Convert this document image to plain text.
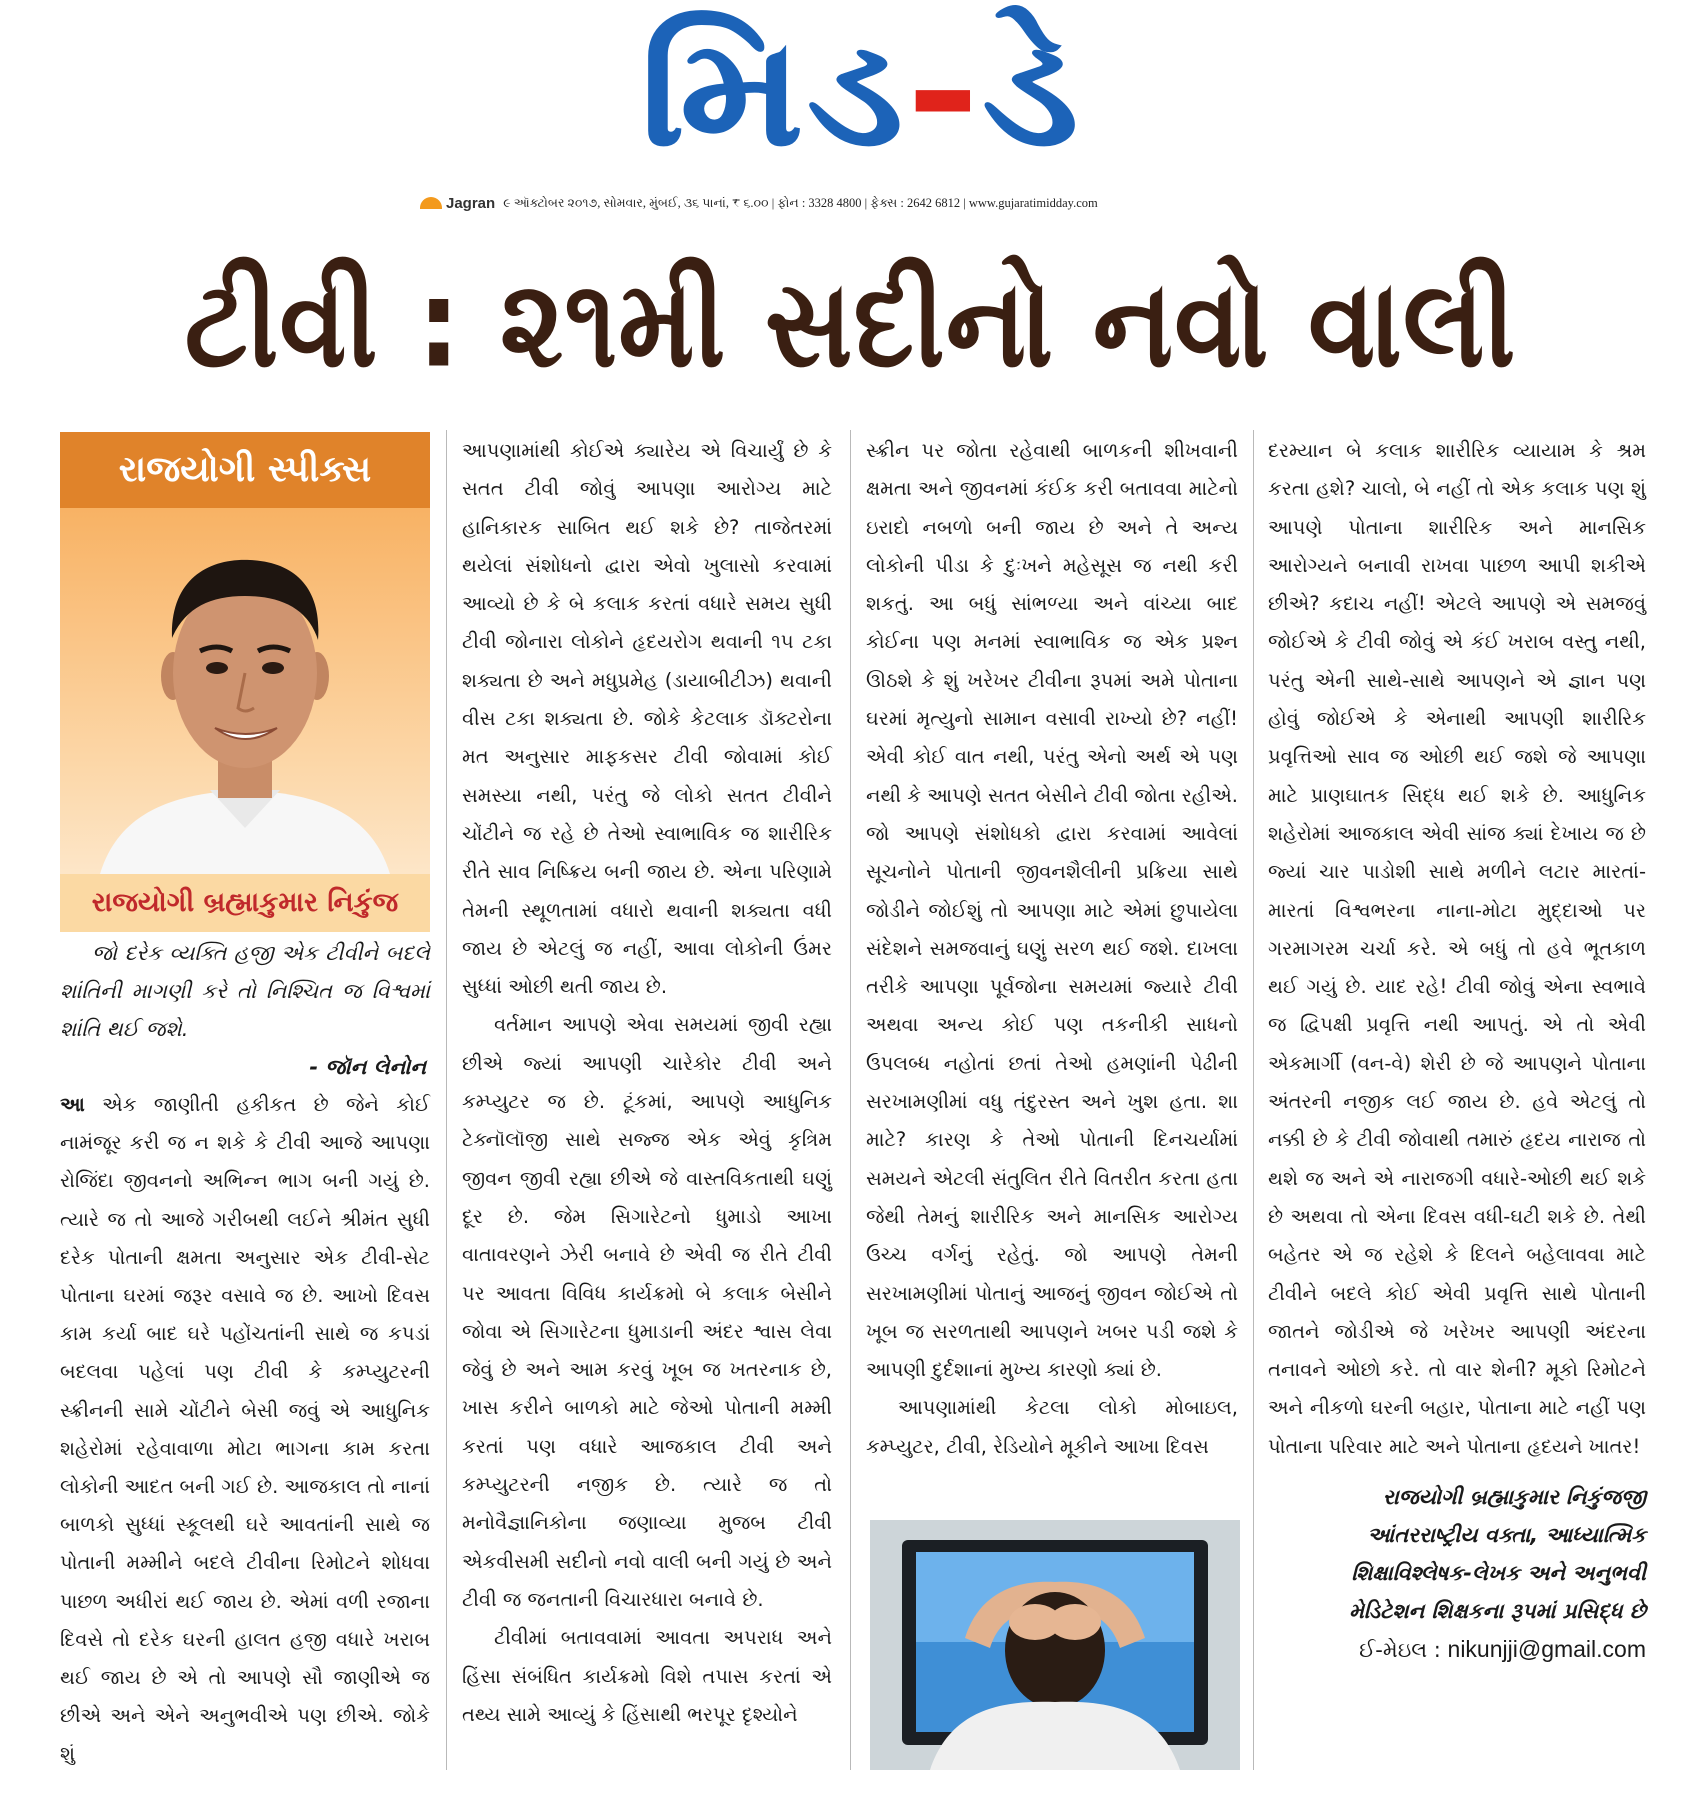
મિડ-ડે
Jagran ૯ ઑક્ટોબર ૨૦૧૭, સોમવાર, મુંબઈ, ૩૬ પાનાં, ₹ ૬.૦૦ | ફોન : 3328 4800 | ફેક્સ : 2642 6812 | www.gujaratimidday.com
ટીવી : ૨૧મી સદીનો નવો વાલી
રાજયોગી સ્પીક્સ
રાજયોગી બ્રહ્માકુમાર નિકુંજ

જો દરેક વ્યક્તિ હજી એક ટીવીને બદલે શાંતિની માગણી કરે તો નિશ્ચિત જ વિશ્વમાં શાંતિ થઈ જશે.

- જૉન લેનોન

આ એક જાણીતી હકીકત છે જેને કોઈ નામંજૂર કરી જ ન શકે કે ટીવી આજે આપણા રોજિંદા જીવનનો અભિન્ન ભાગ બની ગયું છે. ત્યારે જ તો આજે ગરીબથી લઈને શ્રીમંત સુધી દરેક પોતાની ક્ષમતા અનુસાર એક ટીવી-સેટ પોતાના ઘરમાં જરૂર વસાવે જ છે. આખો દિવસ કામ કર્યા બાદ ઘરે પહોંચતાંની સાથે જ કપડાં બદલવા પહેલાં પણ ટીવી કે કમ્પ્યુટરની સ્ક્રીનની સામે ચોંટીને બેસી જવું એ આધુનિક શહેરોમાં રહેવાવાળા મોટા ભાગના કામ કરતા લોકોની આદત બની ગઈ છે. આજકાલ તો નાનાં બાળકો સુધ્ધાં સ્કૂલથી ઘરે આવતાંની સાથે જ પોતાની મમ્મીને બદલે ટીવીના રિમોટને શોધવા પાછળ અધીરાં થઈ જાય છે. એમાં વળી રજાના દિવસે તો દરેક ઘરની હાલત હજી વધારે ખરાબ થઈ જાય છે એ તો આપણે સૌ જાણીએ જ છીએ અને એને અનુભવીએ પણ છીએ. જોકે શું

આપણામાંથી કોઈએ ક્યારેય એ વિચાર્યું છે કે સતત ટીવી જોવું આપણા આરોગ્ય માટે હાનિકારક સાબિત થઈ શકે છે? તાજેતરમાં થયેલાં સંશોધનો દ્વારા એવો ખુલાસો કરવામાં આવ્યો છે કે બે કલાક કરતાં વધારે સમય સુધી ટીવી જોનારા લોકોને હૃદયરોગ થવાની ૧૫ ટકા શક્યતા છે અને મધુપ્રમેહ (ડાયાબીટીઝ) થવાની વીસ ટકા શક્યતા છે. જોકે કેટલાક ડૉક્ટરોના મત અનુસાર માફકસર ટીવી જોવામાં કોઈ સમસ્યા નથી, પરંતુ જે લોકો સતત ટીવીને ચોંટીને જ રહે છે તેઓ સ્વાભાવિક જ શારીરિક રીતે સાવ નિષ્ક્રિય બની જાય છે. એના પરિણામે તેમની સ્થૂળતામાં વધારો થવાની શક્યતા વધી જાય છે એટલું જ નહીં, આવા લોકોની ઉંમર સુધ્ધાં ઓછી થતી જાય છે.

વર્તમાન આપણે એવા સમયમાં જીવી રહ્યા છીએ જ્યાં આપણી ચારેકોર ટીવી અને કમ્પ્યુટર જ છે. ટૂંકમાં, આપણે આધુનિક ટેક્નૉલૉજી સાથે સજ્જ એક એવું કૃત્રિમ જીવન જીવી રહ્યા છીએ જે વાસ્તવિકતાથી ઘણું દૂર છે. જેમ સિગારેટનો ધુમાડો આખા વાતાવરણને ઝેરી બનાવે છે એવી જ રીતે ટીવી પર આવતા વિવિધ કાર્યક્રમો બે કલાક બેસીને જોવા એ સિગારેટના ધુમાડાની અંદર શ્વાસ લેવા જેવું છે અને આમ કરવું ખૂબ જ ખતરનાક છે, ખાસ કરીને બાળકો માટે જેઓ પોતાની મમ્મી કરતાં પણ વધારે આજકાલ ટીવી અને કમ્પ્યુટરની નજીક છે. ત્યારે જ તો મનોવૈજ્ઞાનિકોના જણાવ્યા મુજબ ટીવી એકવીસમી સદીનો નવો વાલી બની ગયું છે અને ટીવી જ જનતાની વિચારધારા બનાવે છે.

ટીવીમાં બતાવવામાં આવતા અપરાધ અને હિંસા સંબંધિત કાર્યક્રમો વિશે તપાસ કરતાં એ તથ્ય સામે આવ્યું કે હિંસાથી ભરપૂર દૃશ્યોને

સ્ક્રીન પર જોતા રહેવાથી બાળકની શીખવાની ક્ષમતા અને જીવનમાં કંઈક કરી બતાવવા માટેનો ઇરાદો નબળો બની જાય છે અને તે અન્ય લોકોની પીડા કે દુઃખને મહેસૂસ જ નથી કરી શકતું. આ બધું સાંભળ્યા અને વાંચ્યા બાદ કોઈના પણ મનમાં સ્વાભાવિક જ એક પ્રશ્ન ઊઠશે કે શું ખરેખર ટીવીના રૂપમાં અમે પોતાના ઘરમાં મૃત્યુનો સામાન વસાવી રાખ્યો છે? નહીં! એવી કોઈ વાત નથી, પરંતુ એનો અર્થ એ પણ નથી કે આપણે સતત બેસીને ટીવી જોતા રહીએ. જો આપણે સંશોધકો દ્વારા કરવામાં આવેલાં સૂચનોને પોતાની જીવનશૈલીની પ્રક્રિયા સાથે જોડીને જોઈશું તો આપણા માટે એમાં છુપાયેલા સંદેશને સમજવાનું ઘણું સરળ થઈ જશે. દાખલા તરીકે આપણા પૂર્વજોના સમયમાં જ્યારે ટીવી અથવા અન્ય કોઈ પણ તકનીકી સાધનો ઉપલબ્ધ નહોતાં છતાં તેઓ હમણાંની પેઢીની સરખામણીમાં વધુ તંદુરસ્ત અને ખુશ હતા. શા માટે? કારણ કે તેઓ પોતાની દિનચર્યામાં સમયને એટલી સંતુલિત રીતે વિતરીત કરતા હતા જેથી તેમનું શારીરિક અને માનસિક આરોગ્ય ઉચ્ચ વર્ગનું રહેતું. જો આપણે તેમની સરખામણીમાં પોતાનું આજનું જીવન જોઈએ તો ખૂબ જ સરળતાથી આપણને ખબર પડી જશે કે આપણી દુર્દશાનાં મુખ્ય કારણો ક્યાં છે.

આપણામાંથી કેટલા લોકો મોબાઇલ, કમ્પ્યુટર, ટીવી, રેડિયોને મૂકીને આખા દિવસ

દરમ્યાન બે કલાક શારીરિક વ્યાયામ કે શ્રમ કરતા હશે? ચાલો, બે નહીં તો એક કલાક પણ શું આપણે પોતાના શારીરિક અને માનસિક આરોગ્યને બનાવી રાખવા પાછળ આપી શકીએ છીએ? કદાચ નહીં! એટલે આપણે એ સમજવું જોઈએ કે ટીવી જોવું એ કંઈ ખરાબ વસ્તુ નથી, પરંતુ એની સાથે-સાથે આપણને એ જ્ઞાન પણ હોવું જોઈએ કે એનાથી આપણી શારીરિક પ્રવૃત્તિઓ સાવ જ ઓછી થઈ જશે જે આપણા માટે પ્રાણઘાતક સિદ્ધ થઈ શકે છે. આધુનિક શહેરોમાં આજકાલ એવી સાંજ ક્યાં દેખાય જ છે જ્યાં ચાર પાડોશી સાથે મળીને લટાર મારતાં-મારતાં વિશ્વભરના નાના-મોટા મુદ્દાઓ પર ગરમાગરમ ચર્ચા કરે. એ બધું તો હવે ભૂતકાળ થઈ ગયું છે. યાદ રહે! ટીવી જોવું એના સ્વભાવે જ દ્વિપક્ષી પ્રવૃત્તિ નથી આપતું. એ તો એવી એકમાર્ગી (વન-વે) શેરી છે જે આપણને પોતાના અંતરની નજીક લઈ જાય છે. હવે એટલું તો નક્કી છે કે ટીવી જોવાથી તમારું હૃદય નારાજ તો થશે જ અને એ નારાજગી વધારે-ઓછી થઈ શકે છે અથવા તો એના દિવસ વધી-ઘટી શકે છે. તેથી બહેતર એ જ રહેશે કે દિલને બહેલાવવા માટે ટીવીને બદલે કોઈ એવી પ્રવૃત્તિ સાથે પોતાની જાતને જોડીએ જે ખરેખર આપણી અંદરના તનાવને ઓછો કરે. તો વાર શેની? મૂકો રિમોટને અને નીકળો ઘરની બહાર, પોતાના માટે નહીં પણ પોતાના પરિવાર માટે અને પોતાના હૃદયને ખાતર!

રાજયોગી બ્રહ્માકુમાર નિકુંજજી
આંતરરાષ્ટ્રીય વક્તા, આધ્યાત્મિક
શિક્ષાવિશ્લેષક-લેખક અને અનુભવી
મેડિટેશન શિક્ષકના રૂપમાં પ્રસિદ્ધ છે
ઈ-મેઇલ : nikunjji@gmail.com
